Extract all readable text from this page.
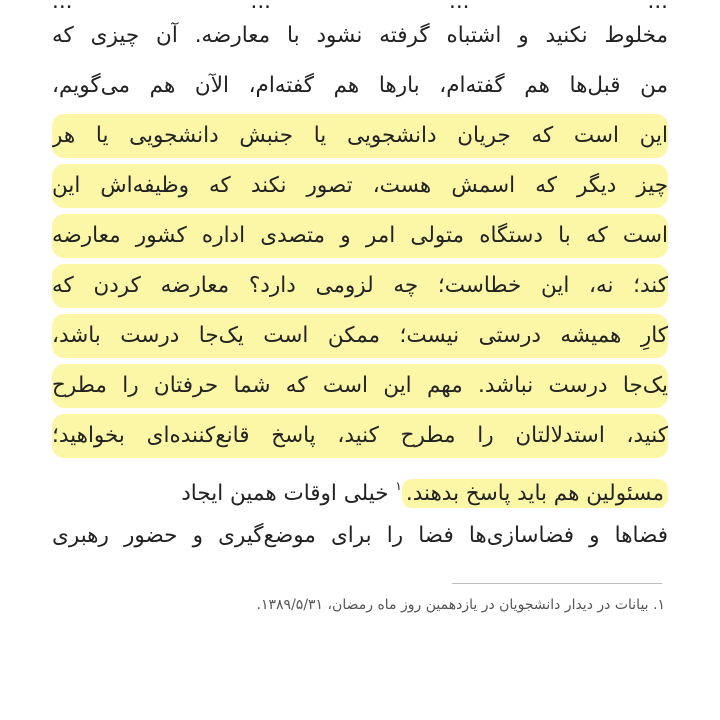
... ... ... ...
مخلوط نکنید و اشتباه گرفته نشود با معارضه. آن چیزی که
من قبل‌ها هم گفته‌ام، بارها هم گفته‌ام، الآن هم می‌گویم،
این است که جریان دانشجویی یا جنبش دانشجویی یا هر
چیز دیگر که اسمش هست، تصور نکند که وظیفه‌اش این
است که با دستگاه متولی امر و متصدی اداره کشور معارضه
کند؛ نه، این خطاست؛ چه لزومی دارد؟ معارضه کردن که
کارِ همیشه درستی نیست؛ ممکن است یک‌جا درست باشد،
یک‌جا درست نباشد. مهم این است که شما حرفتان را مطرح
کنید، استدلالتان را مطرح کنید، پاسخ قانع‌کننده‌ای بخواهید؛
مسئولین هم باید پاسخ بدهند.$^۱$ خیلی اوقات همین ایجاد
فضاها و فضاسازی‌ها فضا را برای موضع‌گیری و حضور رهبری
۱. بیانات در دیدار دانشجویان در یازدهمین روز ماه رمضان، ۱۳۸۹/۵/۳۱.
